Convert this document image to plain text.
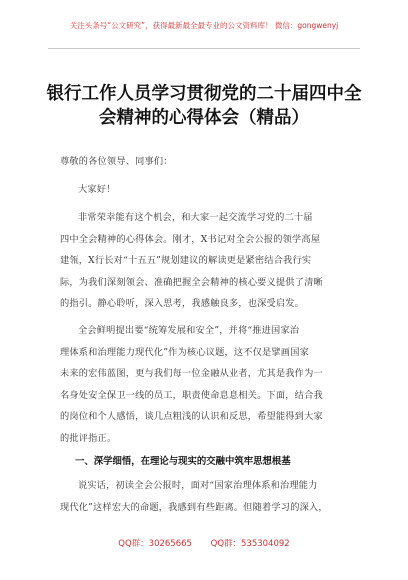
关注头条号“公文研究”，获得最新最全最专业的公文资料库！ 微信：gongwenyj
银行工作人员学习贯彻党的二十届四中全
会精神的心得体会（精品）
尊敬的各位领导、同事们：
大家好！
非常荣幸能有这个机会，和大家一起交流学习党的二十届
四中全会精神的心得体会。刚才，X书记对全会公报的领学高屋
建瓴，X行长对“十五五”规划建议的解读更是紧密结合我行实
际，为我们深刻领会、准确把握全会精神的核心要义提供了清晰
的指引。静心聆听，深入思考，我感触良多，也深受启发。
全会鲜明提出要“统筹发展和安全”，并将“推进国家治
理体系和治理能力现代化”作为核心议题，这不仅是擘画国家
未来的宏伟蓝图，更与我们每一位金融从业者，尤其是我作为一
名身处安全保卫一线的员工，职责使命息息相关。下面，结合我
的岗位和个人感悟，谈几点粗浅的认识和反思，希望能得到大家
的批评指正。
一、深学细悟，在理论与现实的交融中筑牢思想根基
说实话，初读全会公报时，面对“国家治理体系和治理能力
现代化”这样宏大的命题，我感到有些距离。但随着学习的深入，
QQ群：30265665 QQ群：535304092
